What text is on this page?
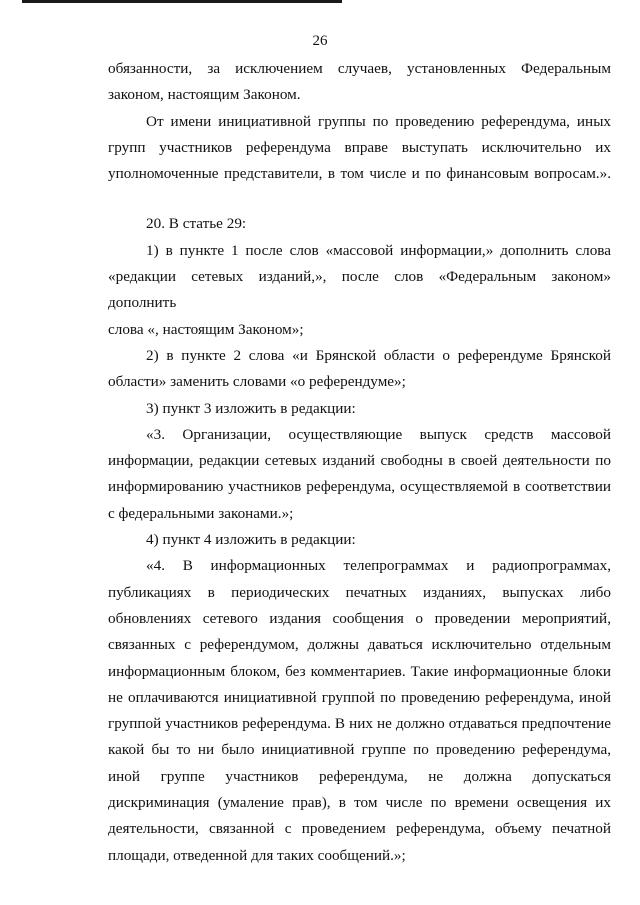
26

обязанности, за исключением случаев, установленных Федеральным

законом, настоящим Законом.

От имени инициативной группы по проведению референдума, иных

групп участников референдума вправе выступать исключительно их

уполномоченные представители, в том числе и по финансовым вопросам.».

20. В статье 29:

1) в пункте 1 после слов «массовой информации,» дополнить слова

«редакции сетевых изданий,», после слов «Федеральным законом» дополнить

слова «, настоящим Законом»;

2) в пункте 2 слова «и Брянской области о референдуме Брянской

области» заменить словами «о референдуме»;

3) пункт 3 изложить в редакции:

«3. Организации, осуществляющие выпуск средств массовой

информации, редакции сетевых изданий свободны в своей деятельности по

информированию участников референдума, осуществляемой в соответствии

с федеральными законами.»;

4) пункт 4 изложить в редакции:

«4. В информационных телепрограммах и радиопрограммах,

публикациях в периодических печатных изданиях, выпусках либо

обновлениях сетевого издания сообщения о проведении мероприятий,

связанных с референдумом, должны даваться исключительно отдельным

информационным блоком, без комментариев. Такие информационные блоки

не оплачиваются инициативной группой по проведению референдума, иной

группой участников референдума. В них не должно отдаваться предпочтение

какой бы то ни было инициативной группе по проведению референдума,

иной группе участников референдума, не должна допускаться

дискриминация (умаление прав), в том числе по времени освещения их

деятельности, связанной с проведением референдума, объему печатной

площади, отведенной для таких сообщений.»;
